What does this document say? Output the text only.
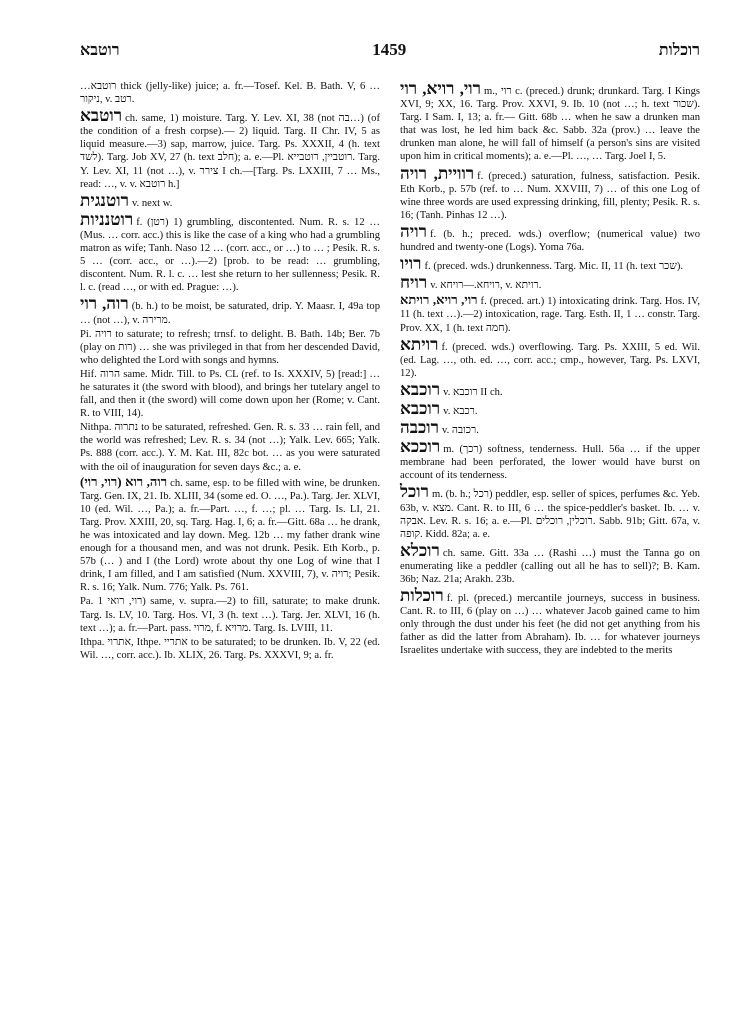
רוטבא	1459	רוכלות

…רוטבא thick (jelly-like) juice; a. fr.—Tosef. Kel. B. Bath. V, 6 …ניקור, v. רטב.

רוטבא ch. same, 1) moisture. Targ. Y. Lev. XI, 38 (not בה…) (of the condition of a fresh corpse).— 2) liquid. Targ. II Chr. IV, 5 as liquid measure.—3) sap, marrow, juice. Targ. Ps. XXXII, 4 (h. text לשד). Targ. Job XV, 27 (h. text חלב); a. e.—Pl. רוטביין, רוטבייא. Targ. Y. Lev. XI, 11 (not …), v. צירר I ch.—[Targ. Ps. LXXIII, 7 … Ms., read: …, v. v. רוטבא h.]

רוטנגית v. next w.

רוטנניות f. (רטן) 1) grumbling, discontented. Num. R. s. 12 … (Mus. … corr. acc.) this is like the case of a king who had a grumbling matron as wife; Tanh. Naso 12 … (corr. acc., or …) to … ; Pesik. R. s. 5 … (corr. acc., or …).—2) [prob. to be read: … grumbling, discontent. Num. R. l. c. … lest she return to her sullenness; Pesik. R. l. c. (read …, or with ed. Prague: …).

רוה, רוי (b. h.) to be moist, be saturated, drip. Y. Maasr. I, 49a top … (not …), v. מרירה.

Pi. רויה to saturate; to refresh; trnsf. to delight. B. Bath. 14b; Ber. 7b (play on רות) … she was privileged in that from her descended David, who delighted the Lord with songs and hymns.

Hif. הרוה same. Midr. Till. to Ps. CL (ref. to Is. XXXIV, 5) [read:] … he saturates it (the sword with blood), and brings her tutelary angel to fall, and then it (the sword) will come down upon her (Rome; v. Cant. R. to VIII, 14).

Nithpa. נתרוה to be saturated, refreshed. Gen. R. s. 33 … rain fell, and the world was refreshed; Lev. R. s. 34 (not …); Yalk. Lev. 665; Yalk. Ps. 888 (corr. acc.). Y. M. Kat. III, 82c bot. … as you were saturated with the oil of inauguration for seven days &c.; a. e.

רוה, רוא (רוי, רוי) ch. same, esp. to be filled with wine, be drunken. Targ. Gen. IX, 21. Ib. XLIII, 34 (some ed. O. …, Pa.). Targ. Jer. XLVI, 10 (ed. Wil. …, Pa.); a. fr.—Part. …, f. …; pl. … Targ. Is. LI, 21. Targ. Prov. XXIII, 20, sq. Targ. Hag. I, 6; a. fr.—Gitt. 68a … he drank, he was intoxicated and lay down. Meg. 12b … my father drank wine enough for a thousand men, and was not drunk. Pesik. Eth Korb., p. 57b (… ) and I (the Lord) wrote about thy one Log of wine that I drink, I am filled, and I am satisfied (Num. XXVIII, 7), v. רויה; Pesik. R. s. 16; Yalk. Num. 776; Yalk. Ps. 761.

Pa. רוי, רואי 1) same, v. supra.—2) to fill, saturate; to make drunk. Targ. Is. LV, 10. Targ. Hos. VI, 3 (h. text …). Targ. Jer. XLVI, 16 (h. text …); a. fr.—Part. pass. מרוי, f. מרויא. Targ. Is. LVIII, 11.

Ithpa. אתרוי, Ithpe. אתריי to be saturated; to be drunken. Ib. V, 22 (ed. Wil. …, corr. acc.). Ib. XLIX, 26. Targ. Ps. XXXVI, 9; a. fr.

רוי, רויא, רוי m., רוי c. (preced.) drunk; drunkard. Targ. I Kings XVI, 9; XX, 16. Targ. Prov. XXVI, 9. Ib. 10 (not …; h. text שכור). Targ. I Sam. I, 13; a. fr.— Gitt. 68b … when he saw a drunken man that was lost, he led him back &c. Sabb. 32a (prov.) … leave the drunken man alone, he will fall of himself (a person's sins are visited upon him in critical moments); a. e.—Pl. …, … Targ. Joel I, 5.

רוויית, רויה f. (preced.) saturation, fulness, satisfaction. Pesik. Eth Korb., p. 57b (ref. to … Num. XXVIII, 7) … of this one Log of wine three words are used expressing drinking, fill, plenty; Pesik. R. s. 16; (Tanh. Pinhas 12 …).

רויה f. (b. h.; preced. wds.) overflow; (numerical value) two hundred and twenty-one (Logs). Yoma 76a.

רויו f. (preced. wds.) drunkenness. Targ. Mic. II, 11 (h. text שכר).

רויח v. רויחא.—רויחא, v. רויתא.

רוי, רויא, רויתא f. (preced. art.) 1) intoxicating drink. Targ. Hos. IV, 11 (h. text …).—2) intoxication, rage. Targ. Esth. II, 1 … constr. Targ. Prov. XX, 1 (h. text חמה).

רויתא f. (preced. wds.) overflowing. Targ. Ps. XXIII, 5 ed. Wil. (ed. Lag. …, oth. ed. …, corr. acc.; cmp., however, Targ. Ps. LXVI, 12).

רוכבא v. רוכבא II ch.

רוכבא v. רכבא.

רוכבה v. רכובה.

רוככא m. (רכך) softness, tenderness. Hull. 56a … if the upper membrane had been perforated, the lower would have burst on account of its tenderness.

רוכל m. (b. h.; רכל) peddler, esp. seller of spices, perfumes &c. Yeb. 63b, v. מצא. Cant. R. to III, 6 … the spice-peddler's basket. Ib. … v. אבקה. Lev. R. s. 16; a. e.—Pl. רוכלין, רוכלים. Sabb. 91b; Gitt. 67a, v. קופה. Kidd. 82a; a. e.

רוכלא ch. same. Gitt. 33a … (Rashi …) must the Tanna go on enumerating like a peddler (calling out all he has to sell)?; B. Kam. 36b; Naz. 21a; Arakh. 23b.

רוכלות f. pl. (preced.) mercantile journeys, success in business. Cant. R. to III, 6 (play on …) … whatever Jacob gained came to him only through the dust under his feet (he did not get anything from his father as did the latter from Abraham). Ib. … for whatever journeys Israelites undertake with success, they are indebted to the merits
